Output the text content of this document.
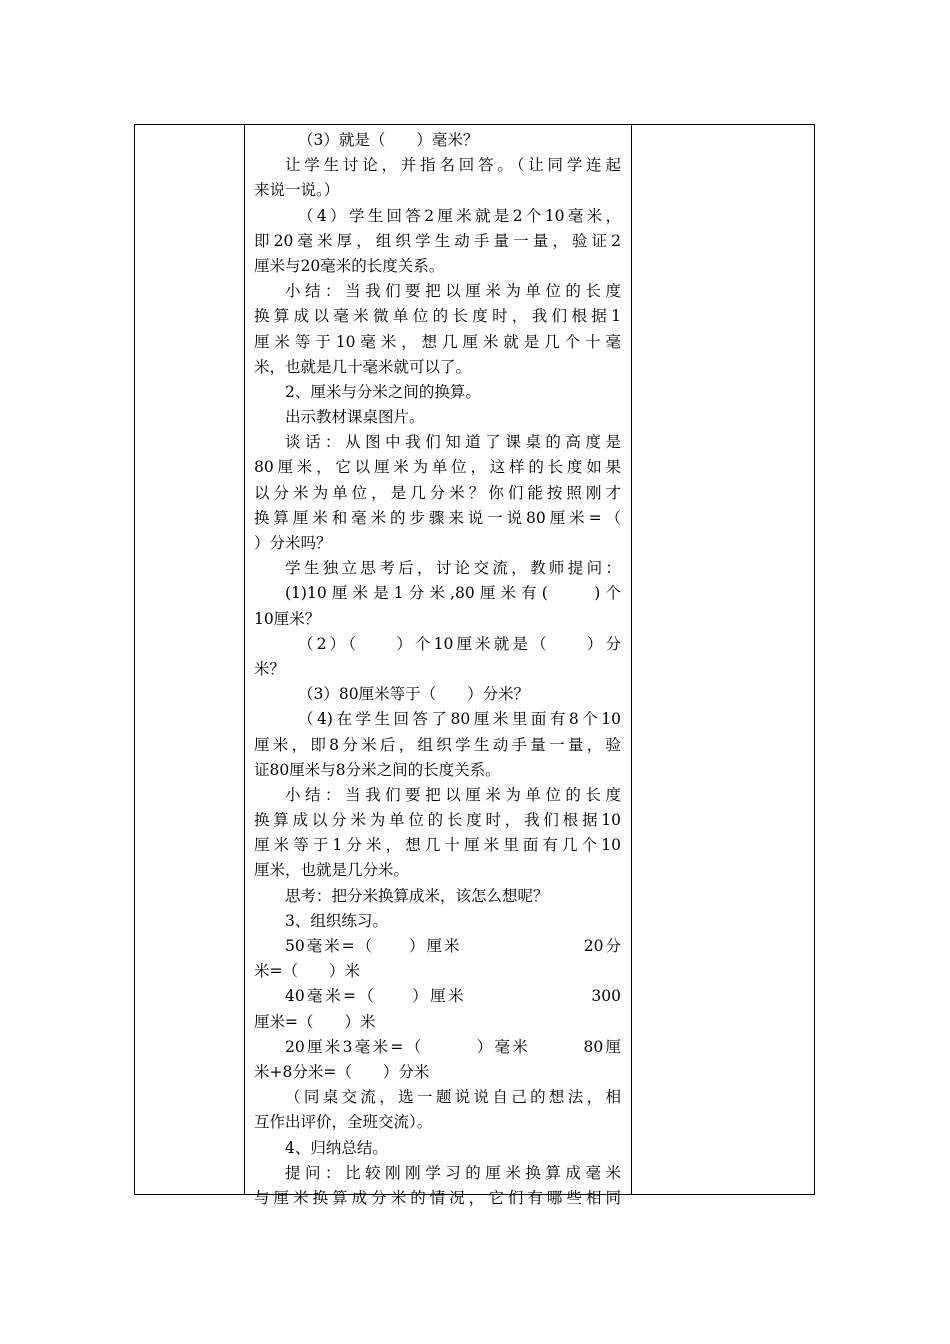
（3）就是（　　）毫米？
让学生讨论，并指名回答。（让同学连起
来说一说。）
（4）学生回答2厘米就是2个10毫米，
即20毫米厚，组织学生动手量一量，验证2
厘米与20毫米的长度关系。
小结：当我们要把以厘米为单位的长度
换算成以毫米微单位的长度时，我们根据1
厘米等于10毫米，想几厘米就是几个十毫
米，也就是几十毫米就可以了。
2、厘米与分米之间的换算。
出示教材课桌图片。
谈话：从图中我们知道了课桌的高度是
80厘米，它以厘米为单位，这样的长度如果
以分米为单位，是几分米？你们能按照刚才
换算厘米和毫米的步骤来说一说80厘米=（
）分米吗？
学生独立思考后，讨论交流，教师提问：
(1)10厘米是1分米,80厘米有(　　)个
10厘米？
（2）（　　）个10厘米就是（　　）分
米？
（3）80厘米等于（　　）分米？
（4)在学生回答了80厘米里面有8个10
厘米，即8分米后，组织学生动手量一量，验
证80厘米与8分米之间的长度关系。
小结：当我们要把以厘米为单位的长度
换算成以分米为单位的长度时，我们根据10
厘米等于1分米，想几十厘米里面有几个10
厘米，也就是几分米。
思考：把分米换算成米，该怎么想呢？
3、组织练习。
50毫米=（　　）厘米　　　　　　　20分
米=（　　）米
40毫米=（　　）厘米　　　　　　　300
厘米=（　　）米
20厘米3毫米=（　　　）毫米　　　80厘
米+8分米=（　　）分米
（同桌交流，选一题说说自己的想法，相
互作出评价，全班交流）。
4、归纳总结。
提问：比较刚刚学习的厘米换算成毫米
与厘米换算成分米的情况，它们有哪些相同
